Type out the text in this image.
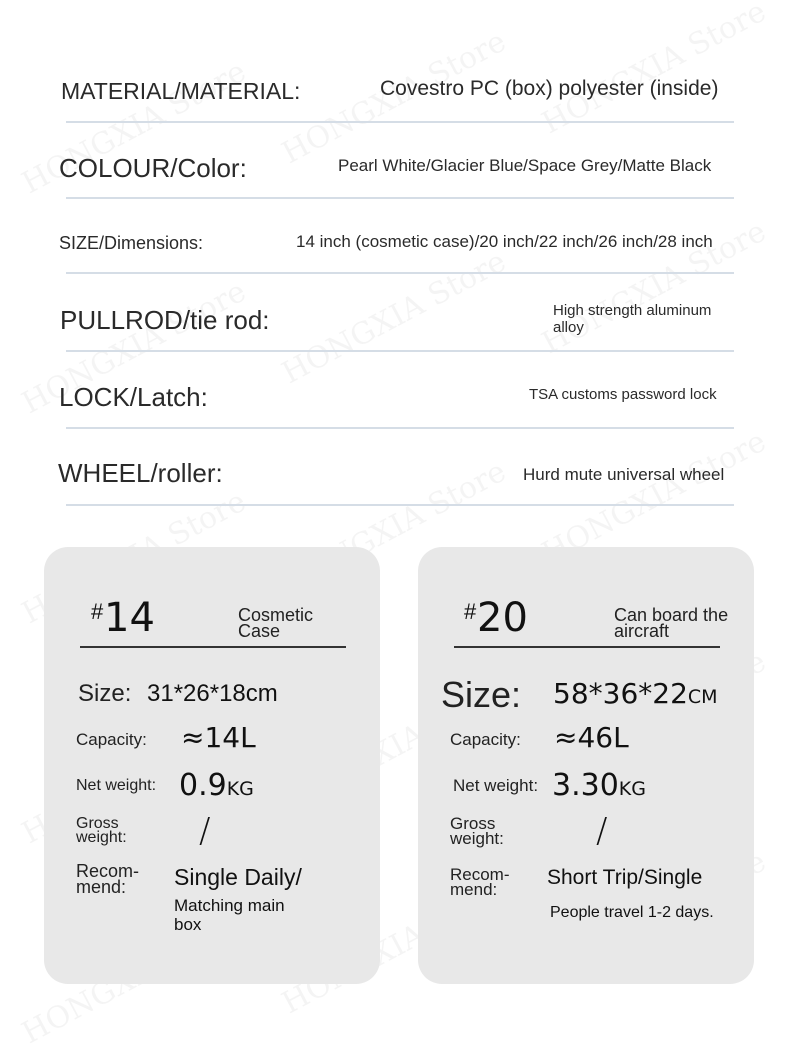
MATERIAL/MATERIAL:	Covestro PC (box) polyester (inside)
COLOUR/Color:	Pearl White/Glacier Blue/Space Grey/Matte Black
SIZE/Dimensions:	14 inch (cosmetic case)/20 inch/22 inch/26 inch/28 inch
PULLROD/tie rod:	High strength aluminum alloy
LOCK/Latch:	TSA customs password lock
WHEEL/roller:	Hurd mute universal wheel
# 14	Cosmetic Case
Size: 31*26*18cm
Capacity: ≈14L
Net weight: 0.9KG
Gross weight:	/
Recom-mend:	Single Daily/
Matching main box
# 20	Can board the aircraft
Size: 58*36*22CM
Capacity: ≈46L
Net weight: 3.30KG
Gross weight:	/
Recom-mend:
Short Trip/Single
People travel 1-2 days.
